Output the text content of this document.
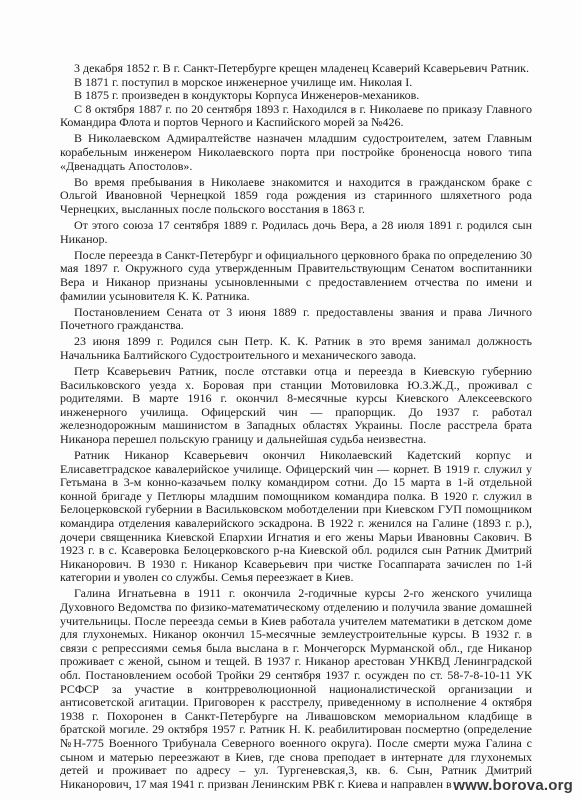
3 декабря 1852 г. В г. Санкт-Петербурге крещен младенец Ксаверий Ксаверьевич Ратник.

В 1871 г. поступил в морское инженерное училище им. Николая I.

В 1875 г. произведен в кондукторы Корпуса Инженеров-механиков.

С 8 октября 1887 г. по 20 сентября 1893 г. Находился в г. Николаеве по приказу Главного Командира Флота и портов Черного и Каспийского морей за №426.

В Николаевском Адмиралтействе назначен младшим судостроителем, затем Главным корабельным инженером Николаевского порта при постройке броненосца нового типа «Двенадцать Апостолов».

Во время пребывания в Николаеве знакомится и находится в гражданском браке с Ольгой Ивановной Чернецкой 1859 года рождения из старинного шляхетного рода Чернецких, высланных после польского восстания в 1863 г.

От этого союза 17 сентября 1889 г. Родилась дочь Вера, а 28 июля 1891 г. родился сын Никанор.

После переезда в Санкт-Петербург и официального церковного брака по определению 30 мая 1897 г. Окружного суда утвержденным Правительствующим Сенатом воспитанники Вера и Никанор признаны усыновленными с предоставлением отчества по имени и фамилии усыновителя К. К. Ратника.

Постановлением Сената от 3 июня 1889 г. предоставлены звания и права Личного Почетного гражданства.

23 июня 1899 г. Родился сын Петр. К. К. Ратник в это время занимал должность Начальника Балтийского Судостроительного и механического завода.

Петр Ксаверьевич Ратник, после отставки отца и переезда в Киевскую губернию Васильковского уезда х. Боровая при станции Мотовиловка Ю.З.Ж.Д., проживал с родителями. В марте 1916 г. окончил 8-месячные курсы Киевского Алексеевского инженерного училища. Офицерский чин — прапорщик. До 1937 г. работал железнодорожным машинистом в Западных областях Украины. После расстрела брата Никанора перешел польскую границу и дальнейшая судьба неизвестна.

Ратник Никанор Ксаверьевич окончил Николаевский Кадетский корпус и Елисаветградское кавалерийское училище. Офицерский чин — корнет. В 1919 г. служил у Гетьмана в 3-м конно-казачьем полку командиром сотни. До 15 марта в 1-й отдельной конной бригаде у Петлюры младшим помощником командира полка. В 1920 г. служил в Белоцерковской губернии в Васильковском моботделении при Киевском ГУП помощником командира отделения кавалерийского эскадрона. В 1922 г. женился на Галине (1893 г. р.), дочери священника Киевской Епархии Игнатия и его жены Марьи Ивановны Сакович. В 1923 г. в с. Ксаверовка Белоцерковского р-на Киевской обл. родился сын Ратник Дмитрий Никанорович. В 1930 г. Никанор Ксаверьевич при чистке Госаппарата зачислен по 1-й категории и уволен со службы. Семья переезжает в Киев.

Галина Игнатьевна в 1911 г. окончила 2-годичные курсы 2-го женского училища Духовного Ведомства по физико-математическому отделению и получила звание домашней учительницы. После переезда семьи в Киев работала учителем математики в детском доме для глухонемых. Никанор окончил 15-месячные землеустроительные курсы. В 1932 г. в связи с репрессиями семья была выслана в г. Мончегорск Мурманской обл., где Никанор проживает с женой, сыном и тещей. В 1937 г. Никанор арестован УНКВД Ленинградской обл. Постановлением особой Тройки 29 сентября 1937 г. осужден по ст. 58-7-8-10-11 УК РСФСР за участие в контрреволюционной националистической организации и антисоветской агитации. Приговорен к расстрелу, приведенному в исполнение 4 октября 1938 г. Похоронен в Санкт-Петербурге на Ливашовском мемориальном кладбище в братской могиле. 29 октября 1957 г. Ратник Н. К. реабилитирован посмертно (определение №Н-775 Военного Трибунала Северного военного округа). После смерти мужа Галина с сыном и матерью переезжают в Киев, где снова преподает в интернате для глухонемых детей и проживает по адресу – ул. Тургеневская,3, кв. 6. Сын, Ратник Дмитрий Никанорович, 17 мая 1941 г. призван Ленинским РВК г. Киева и направлен в www.borova.org
